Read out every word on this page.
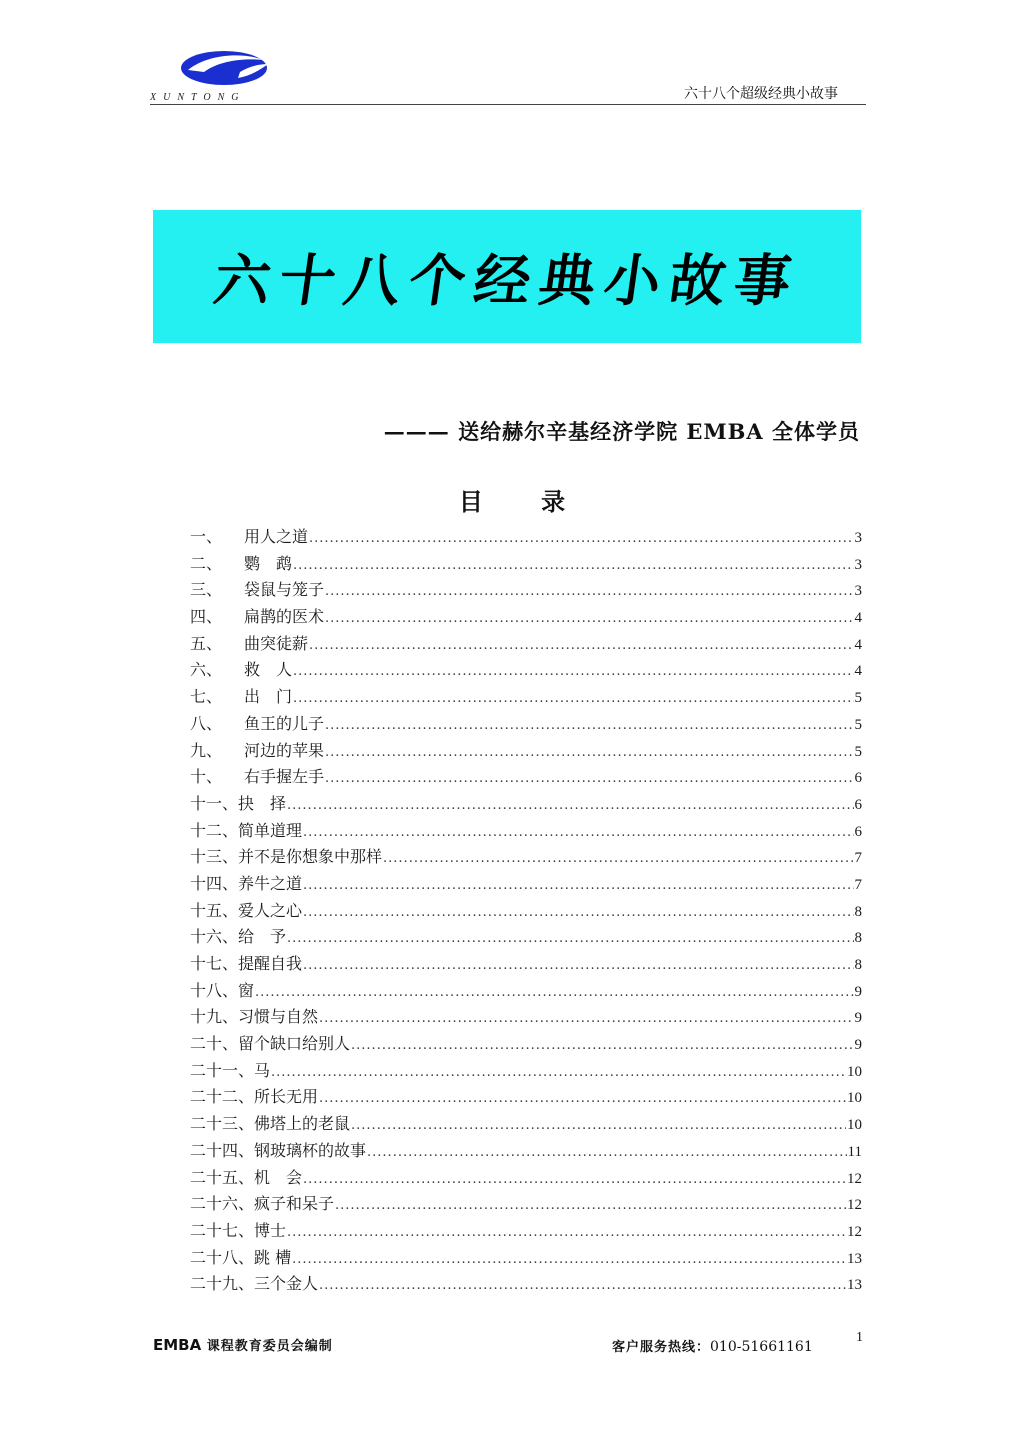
XUNTONG	六十八个超级经典小故事
六十八个经典小故事
——— 送给赫尔辛基经济学院 EMBA 全体学员
目 录
一、	用人之道 .....	3
二、	鹦　鹉 .....	3
三、	袋鼠与笼子 .....	3
四、	扁鹊的医术 .....	4
五、	曲突徒薪 .....	4
六、	救　人 .....	4
七、	出　门 .....	5
八、	鱼王的儿子 .....	5
九、	河边的苹果 .....	5
十、	右手握左手 .....	6
十一、 抉　择 .....	6
十二、 简单道理 .....	6
十三、 并不是你想象中那样 .....	7
十四、 养牛之道 .....	7
十五、 爱人之心 .....	8
十六、 给　予 .....	8
十七、 提醒自我 .....	8
十八、 窗 .....	9
十九、 习惯与自然 .....	9
二十、 留个缺口给别人 .....	9
二十一、 马 .....	10
二十二、 所长无用 .....	10
二十三、 佛塔上的老鼠 .....	10
二十四、 钢玻璃杯的故事 .....	11
二十五、 机　会 .....	12
二十六、 疯子和呆子 .....	12
二十七、 博士 .....	12
二十八、 跳 槽 .....	13
二十九、 三个金人 .....	13
EMBA 课程教育委员会编制	客户服务热线：010-51661161
1
